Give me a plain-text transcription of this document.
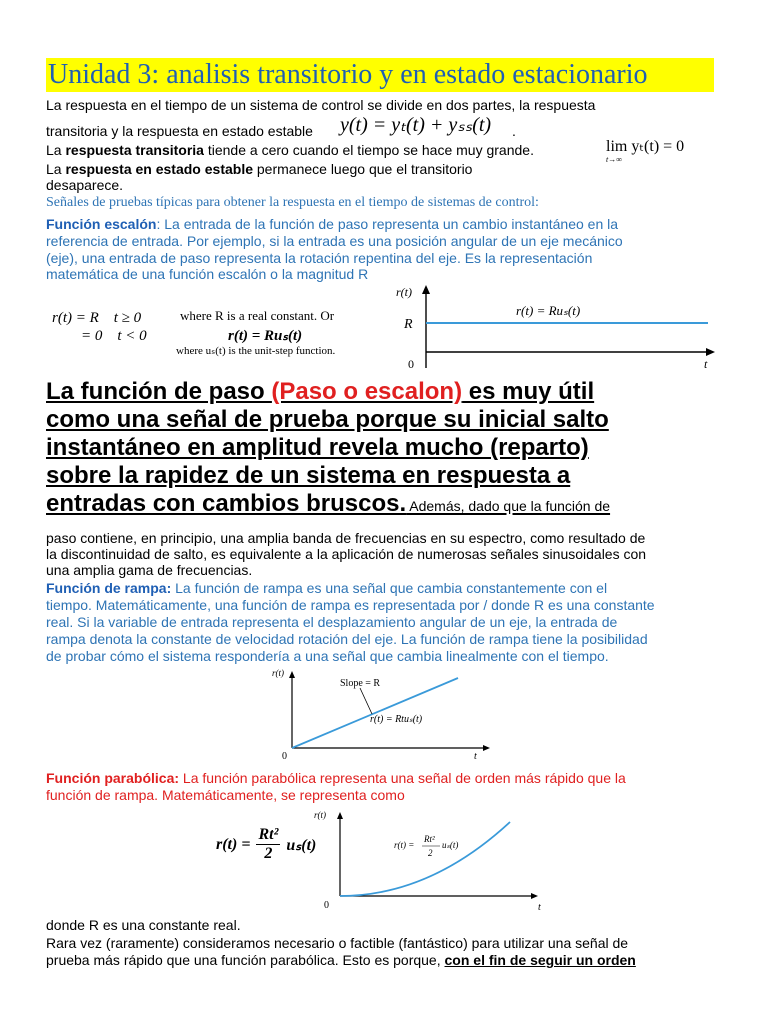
Unidad 3: analisis transitorio y en estado estacionario
La respuesta en el tiempo de un sistema de control se divide en dos partes, la respuesta
transitoria y la respuesta en estado estable y(t) = yₜ(t) + yₛₛ(t) .
La respuesta transitoria tiende a cero cuando el tiempo se hace muy grande.	lim yₜ(t) = 0
t→∞
La respuesta en estado estable permanece luego que el transitorio
desaparece.
Señales de pruebas típicas para obtener la respuesta en el tiempo de sistemas de control:
Función escalón: La entrada de la función de paso representa un cambio instantáneo en la
referencia de entrada. Por ejemplo, si la entrada es una posición angular de un eje mecánico
(eje), una entrada de paso representa la rotación repentina del eje. Es la representación
matemática de una función escalón o la magnitud R
r(t) = R    t ≥ 0
= 0    t < 0
where R is a real constant. Or
r(t) = Ruₛ(t)
where uₛ(t) is the unit-step function.
r(t)
R
0	t
r(t) = Ruₛ(t)
La función de paso (Paso o escalon) es muy útil
como una señal de prueba porque su inicial salto
instantáneo en amplitud revela mucho (reparto)
sobre la rapidez de un sistema en respuesta a
entradas con cambios bruscos. Además, dado que la función de
paso contiene, en principio, una amplia banda de frecuencias en su espectro, como resultado de
la discontinuidad de salto, es equivalente a la aplicación de numerosas señales sinusoidales con
una amplia gama de frecuencias.
Función de rampa: La función de rampa es una señal que cambia constantemente con el
tiempo. Matemáticamente, una función de rampa es representada por / donde R es una constante
real. Si la variable de entrada representa el desplazamiento angular de un eje, la entrada de
rampa denota la constante de velocidad rotación del eje. La función de rampa tiene la posibilidad
de probar cómo el sistema respondería a una señal que cambia linealmente con el tiempo.
r(t)
Slope = R
r(t) = Rtuₛ(t)
0	t
Función parabólica: La función parabólica representa una señal de orden más rápido que la
función de rampa. Matemáticamente, se representa como
$r(t) = \frac{\text{Rt²}}{2} u_s(t)$
r(t)
r(t) =
Rt²
2
uₛ(t)
0	t
donde R es una constante real.
Rara vez (raramente) consideramos necesario o factible (fantástico) para utilizar una señal de
prueba más rápido que una función parabólica. Esto es porque, con el fin de seguir un orden
